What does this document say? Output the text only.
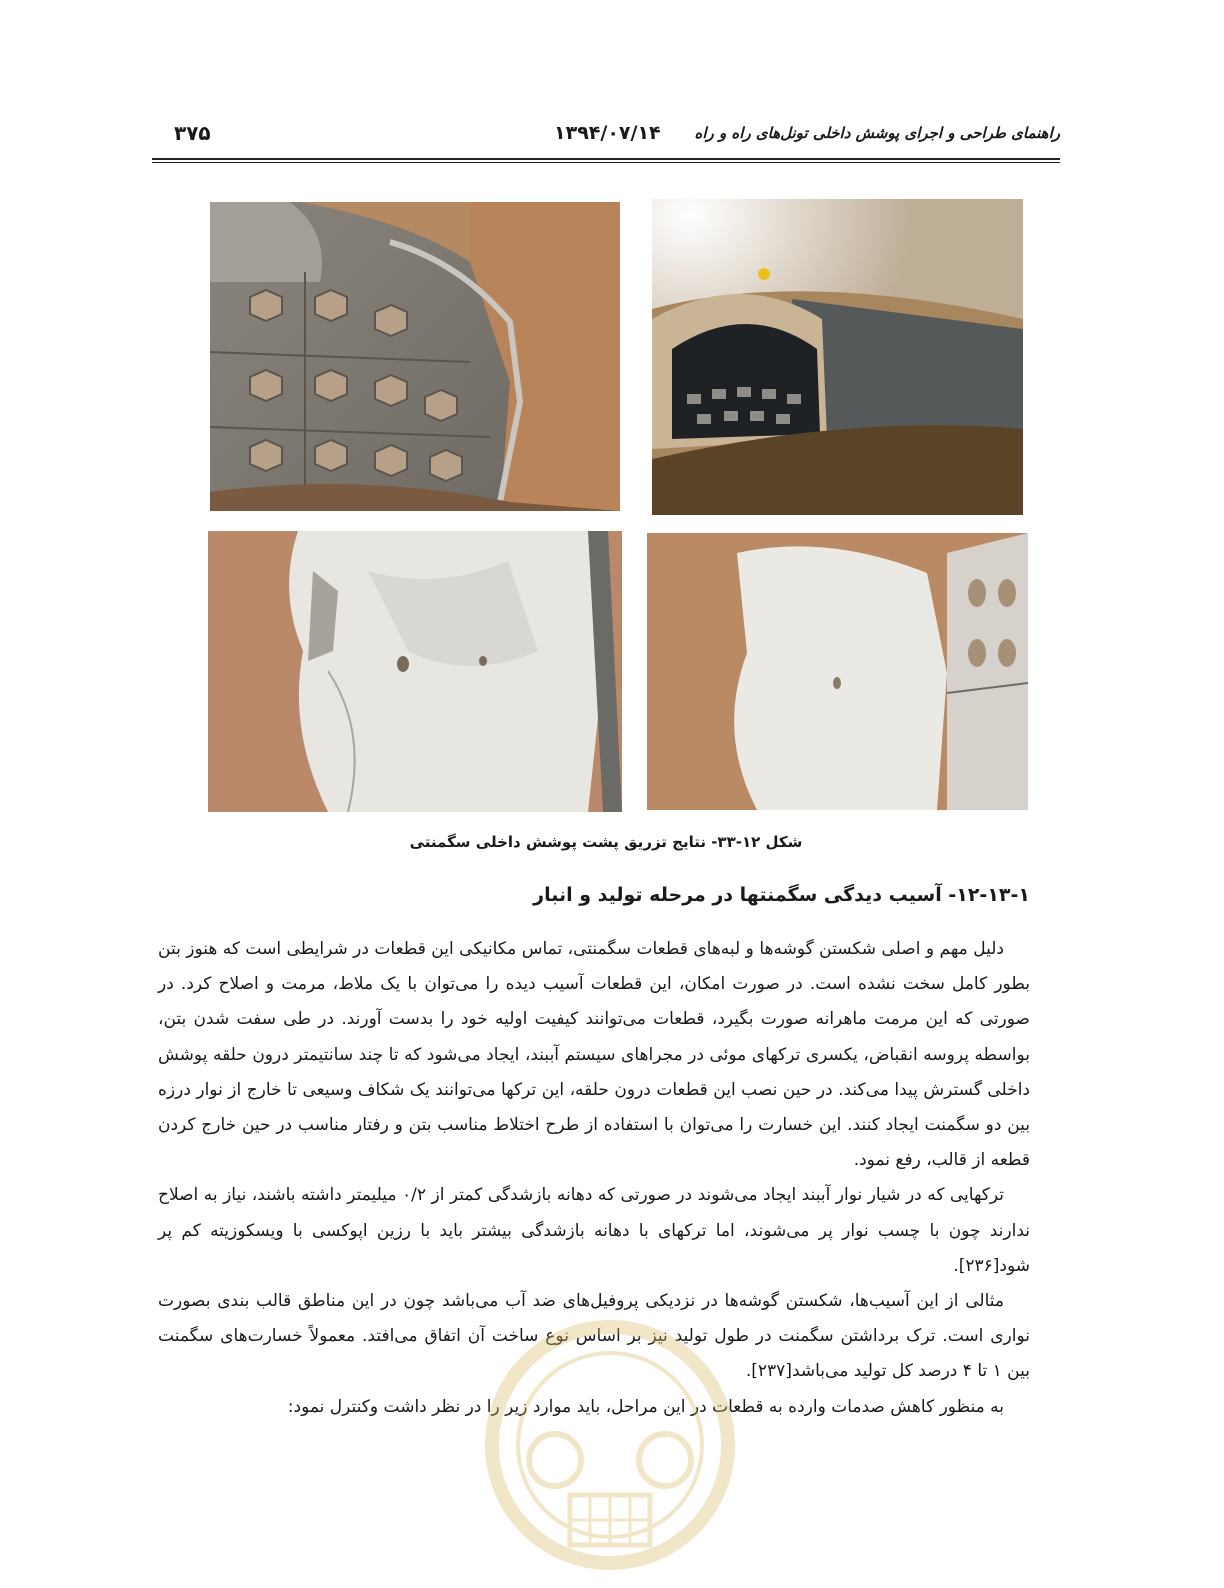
راهنمای طراحی و اجرای پوشش داخلی تونل‌های راه و راه
۱۳۹۴/۰۷/۱۴
۳۷۵
شکل ۱۲-۳۳- نتایج تزریق پشت پوشش داخلی سگمنتی
۱۲-۱۳-۱- آسیب دیدگی سگمنتها در مرحله تولید و انبار

دلیل مهم و اصلی شکستن گوشه‌ها و لبه‌های قطعات سگمنتی، تماس مکانیکی این قطعات در شرایطی است که هنوز بتن بطور کامل سخت نشده است. در صورت امکان، این قطعات آسیب دیده را می‌توان با یک ملاط، مرمت و اصلاح کرد. در صورتی که این مرمت ماهرانه صورت بگیرد، قطعات می‌توانند کیفیت اولیه خود را بدست آورند. در طی سفت شدن بتن، بواسطه پروسه انقباض، یکسری ترکهای موئی در مجراهای سیستم آببند، ایجاد می‌شود که تا چند سانتیمتر درون حلقه پوشش داخلی گسترش پیدا می‌کند. در حین نصب این قطعات درون حلقه، این ترکها می‌توانند یک شکاف وسیعی تا خارج از نوار درزه بین دو سگمنت ایجاد کنند. این خسارت را می‌توان با استفاده از طرح اختلاط مناسب بتن و رفتار مناسب در حین خارج کردن قطعه از قالب، رفع نمود.

ترکهایی که در شیار نوار آببند ایجاد می‌شوند در صورتی که دهانه بازشدگی کمتر از ۰/۲ میلیمتر داشته باشند، نیاز به اصلاح ندارند چون با چسب نوار پر می‌شوند، اما ترکهای با دهانه بازشدگی بیشتر باید با رزین اپوکسی با ویسکوزیته کم پر شود[۲۳۶].

مثالی از این آسیب‌ها، شکستن گوشه‌ها در نزدیکی پروفیل‌های ضد آب می‌باشد چون در این مناطق قالب بندی بصورت نواری است. ترک برداشتن سگمنت در طول تولید نیز بر اساس نوع ساخت آن اتفاق می‌افتد. معمولاً خسارت‌های سگمنت بین ۱ تا ۴ درصد کل تولید می‌باشد[۲۳۷].

به منظور کاهش صدمات وارده به قطعات در این مراحل، باید موارد زیر را در نظر داشت وکنترل نمود:
